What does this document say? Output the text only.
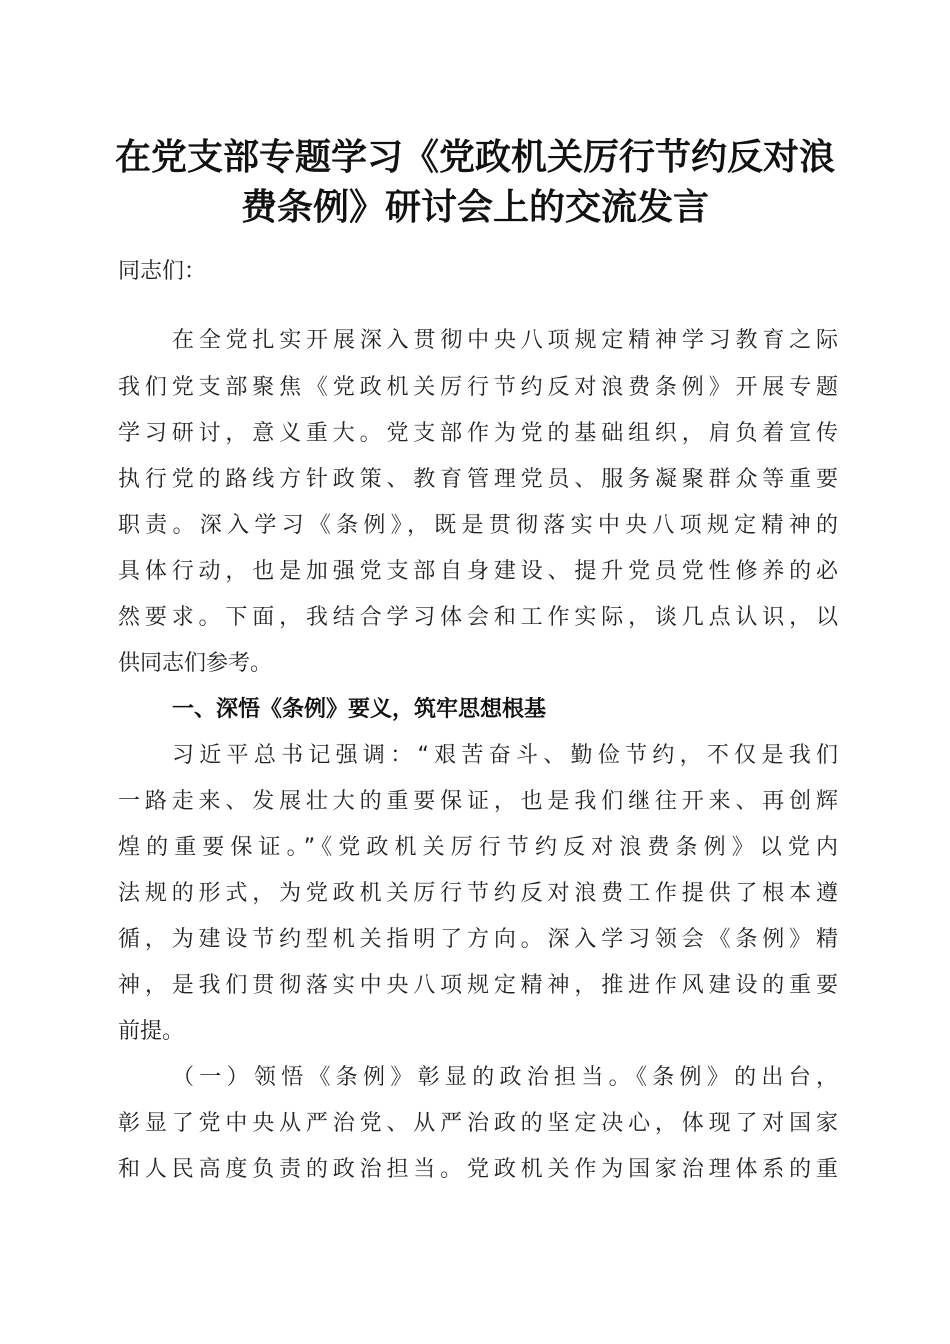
在党支部专题学习《党政机关厉行节约反对浪
费条例》研讨会上的交流发言
同志们：
在全党扎实开展深入贯彻中央八项规定精神学习教育之际
我们党支部聚焦《党政机关厉行节约反对浪费条例》开展专题
学习研讨，意义重大。党支部作为党的基础组织，肩负着宣传
执行党的路线方针政策、教育管理党员、服务凝聚群众等重要
职责。深入学习《条例》，既是贯彻落实中央八项规定精神的
具体行动，也是加强党支部自身建设、提升党员党性修养的必
然要求。下面，我结合学习体会和工作实际，谈几点认识，以
供同志们参考。
一、深悟《条例》要义，筑牢思想根基
习近平总书记强调：“艰苦奋斗、勤俭节约，不仅是我们
一路走来、发展壮大的重要保证，也是我们继往开来、再创辉
煌的重要保证。”《党政机关厉行节约反对浪费条例》以党内
法规的形式，为党政机关厉行节约反对浪费工作提供了根本遵
循，为建设节约型机关指明了方向。深入学习领会《条例》精
神，是我们贯彻落实中央八项规定精神，推进作风建设的重要
前提。
（一）领悟《条例》彰显的政治担当。《条例》的出台，
彰显了党中央从严治党、从严治政的坚定决心，体现了对国家
和人民高度负责的政治担当。党政机关作为国家治理体系的重
